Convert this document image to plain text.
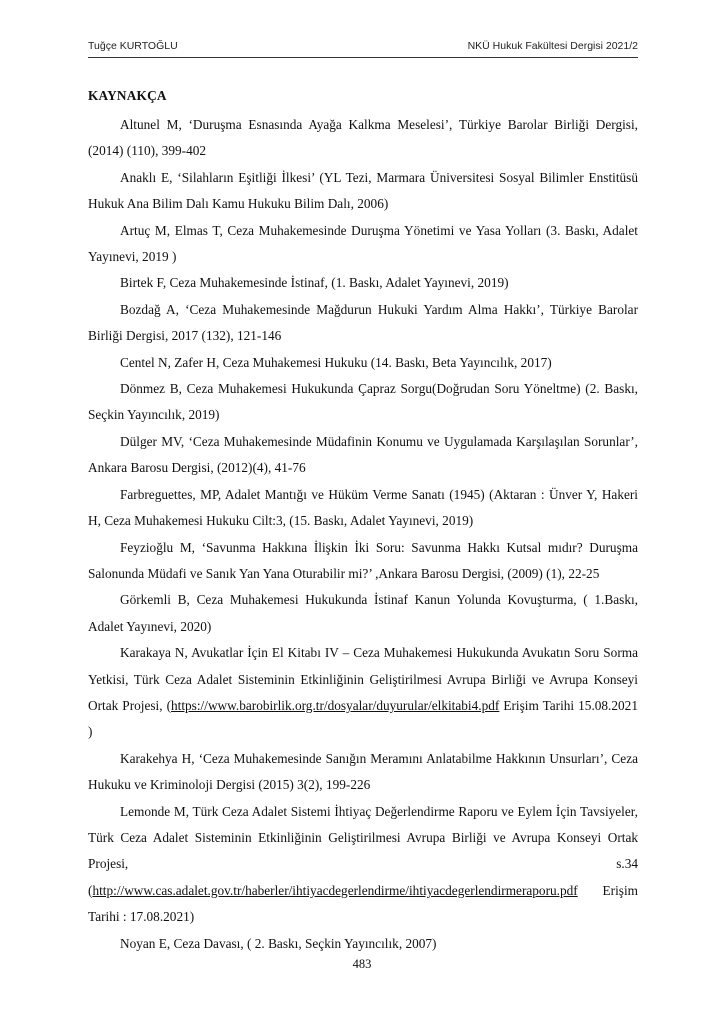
Tuğçe KURTOĞLU	NKÜ Hukuk Fakültesi Dergisi 2021/2
KAYNAKÇA

Altunel M, ‘Duruşma Esnasında Ayağa Kalkma Meselesi’, Türkiye Barolar Birliği Dergisi, (2014) (110), 399-402

Anaklı E, ‘Silahların Eşitliği İlkesi’ (YL Tezi, Marmara Üniversitesi Sosyal Bilimler Enstitüsü Hukuk Ana Bilim Dalı Kamu Hukuku Bilim Dalı, 2006)

Artuç M, Elmas T, Ceza Muhakemesinde Duruşma Yönetimi ve Yasa Yolları (3. Baskı, Adalet Yayınevi, 2019 )

Birtek F, Ceza Muhakemesinde İstinaf, (1. Baskı, Adalet Yayınevi, 2019)

Bozdağ A, ‘Ceza Muhakemesinde Mağdurun Hukuki Yardım Alma Hakkı’, Türkiye Barolar Birliği Dergisi, 2017 (132), 121-146

Centel N, Zafer H, Ceza Muhakemesi Hukuku (14. Baskı, Beta Yayıncılık, 2017)

Dönmez B, Ceza Muhakemesi Hukukunda Çapraz Sorgu(Doğrudan Soru Yöneltme) (2. Baskı, Seçkin Yayıncılık, 2019)

Dülger MV, ‘Ceza Muhakemesinde Müdafinin Konumu ve Uygulamada Karşılaşılan Sorunlar’, Ankara Barosu Dergisi, (2012)(4), 41-76

Farbreguettes, MP, Adalet Mantığı ve Hüküm Verme Sanatı (1945) (Aktaran : Ünver Y, Hakeri H, Ceza Muhakemesi Hukuku Cilt:3, (15. Baskı, Adalet Yayınevi, 2019)

Feyzioğlu M, ‘Savunma Hakkına İlişkin İki Soru: Savunma Hakkı Kutsal mıdır? Duruşma Salonunda Müdafi ve Sanık Yan Yana Oturabilir mi?’ ,Ankara Barosu Dergisi, (2009) (1), 22-25

Görkemli B, Ceza Muhakemesi Hukukunda İstinaf Kanun Yolunda Kovuşturma, ( 1.Baskı, Adalet Yayınevi, 2020)

Karakaya N, Avukatlar İçin El Kitabı IV – Ceza Muhakemesi Hukukunda Avukatın Soru Sorma Yetkisi, Türk Ceza Adalet Sisteminin Etkinliğinin Geliştirilmesi Avrupa Birliği ve Avrupa Konseyi Ortak Projesi, (https://www.barobirlik.org.tr/dosyalar/duyurular/elkitabi4.pdf Erişim Tarihi 15.08.2021 )

Karakehya H, ‘Ceza Muhakemesinde Sanığın Meramını Anlatabilme Hakkının Unsurları’, Ceza Hukuku ve Kriminoloji Dergisi (2015) 3(2), 199-226

Lemonde M, Türk Ceza Adalet Sistemi İhtiyaç Değerlendirme Raporu ve Eylem İçin Tavsiyeler, Türk Ceza Adalet Sisteminin Etkinliğinin Geliştirilmesi Avrupa Birliği ve Avrupa Konseyi Ortak Projesi, s.34 (http://www.cas.adalet.gov.tr/haberler/ihtiyacdegerlendirme/ihtiyacdegerlendirmeraporu.pdf Erişim Tarihi : 17.08.2021)

Noyan E, Ceza Davası, ( 2. Baskı, Seçkin Yayıncılık, 2007)

483
